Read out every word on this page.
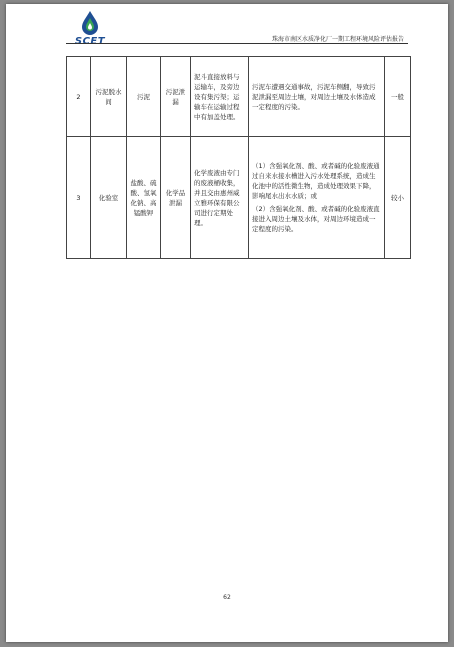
SCET	珠海市南区水质净化厂一期工程环境风险评估报告
2	污泥脱水间	污泥	污泥泄漏	泥斗直接放料与运输车，及旁边设有集污渠；运输车在运输过程中有加盖处理。	污泥车遭遇交通事故，污泥车侧翻，导致污泥泄漏至周边土壤，对周边土壤及水体造成一定程度的污染。	一般
3	化验室	盐酸、硫酸、氢氧化钠、高锰酸钾	化学品泄漏	化学废液由专门的废液桶收集，并且交由惠州威立雅环保有限公司进行定期处理。	（1）含强氧化剂、酸、或者碱的化验废液通过自来水接水槽进入污水处理系统，造成生化池中的活性微生物，造成处理效果下降，影响尾水出水水质；或
（2）含强氧化剂、酸、或者碱的化验废液直接进入周边土壤及水体，对周边环境造成一定程度的污染。	较小
62
